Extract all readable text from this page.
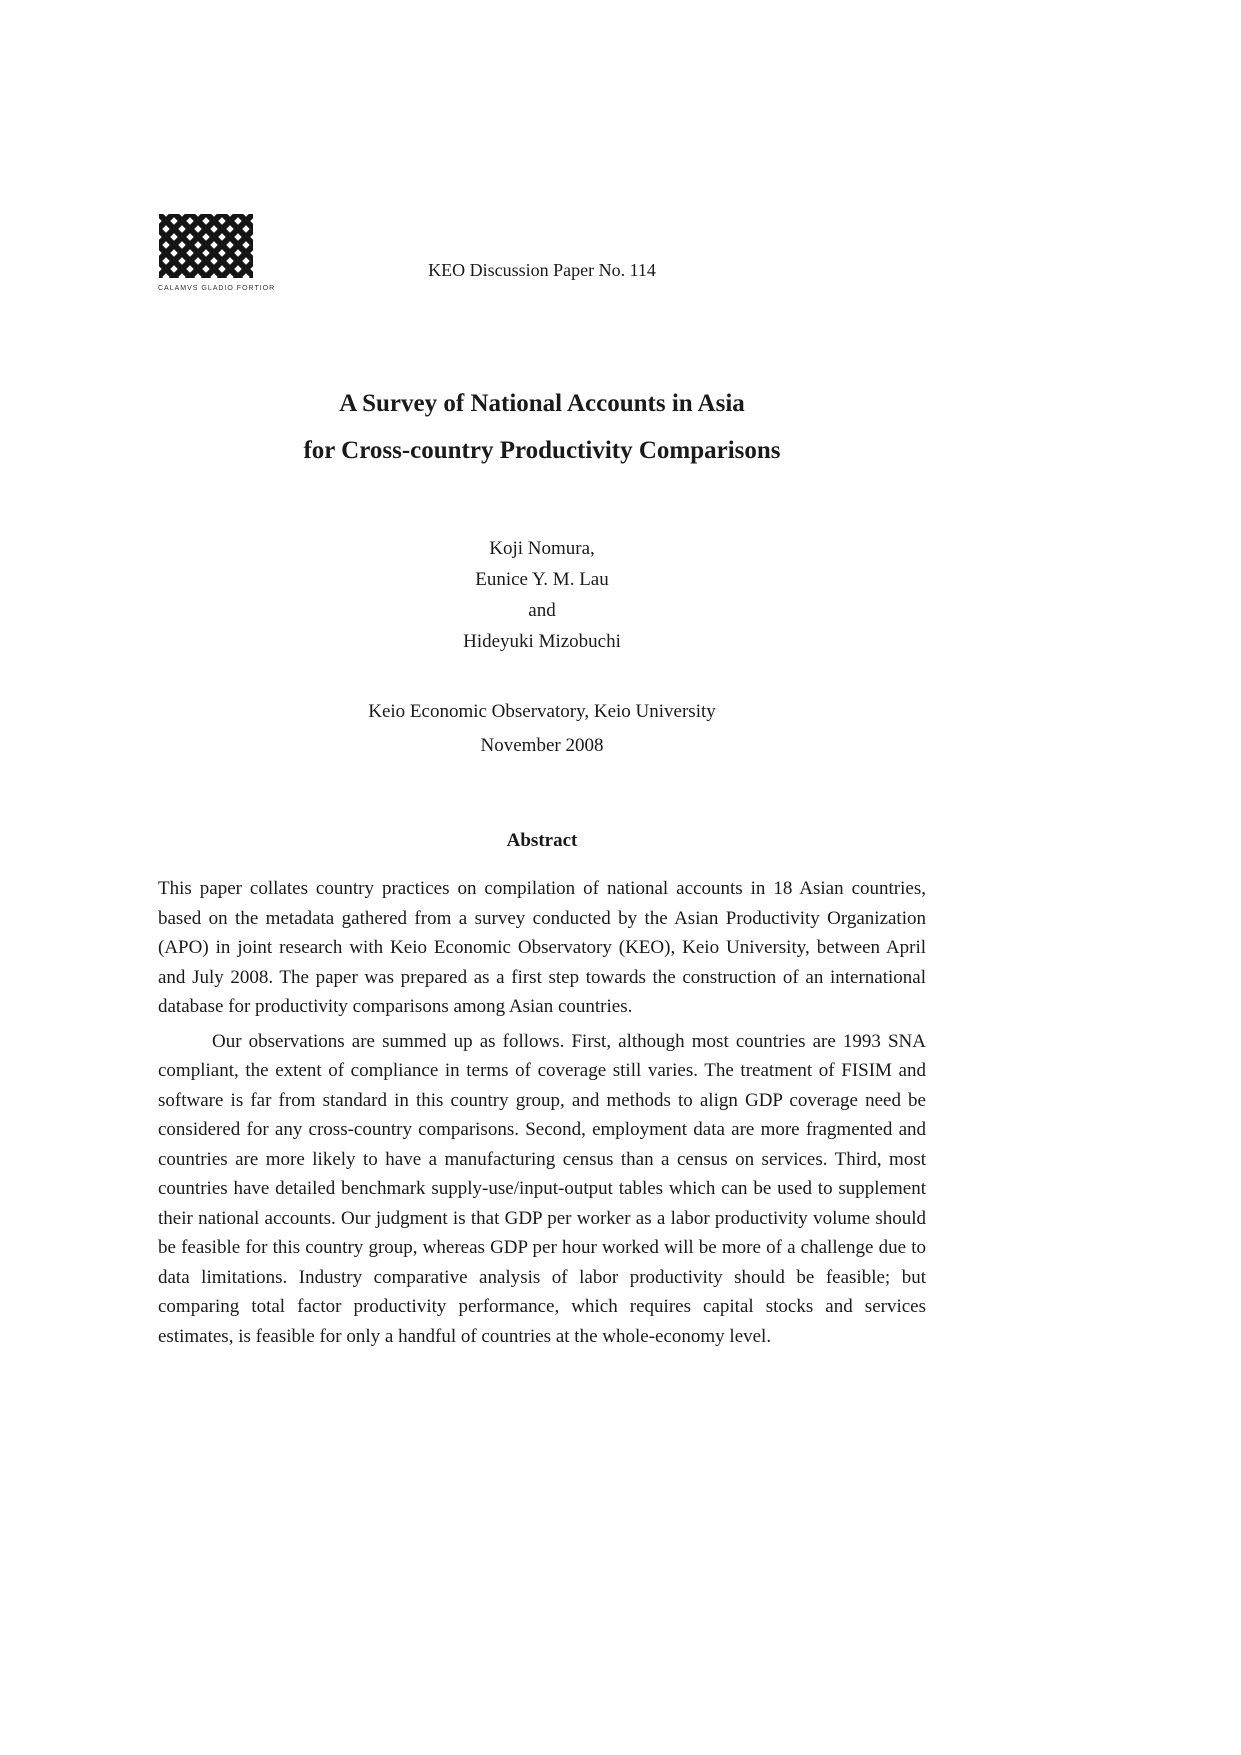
CALAMVS GLADIO FORTIOR
KEO Discussion Paper No. 114
A Survey of National Accounts in Asia
for Cross-country Productivity Comparisons
Koji Nomura,
Eunice Y. M. Lau
and
Hideyuki Mizobuchi
Keio Economic Observatory, Keio University
November 2008
Abstract

This paper collates country practices on compilation of national accounts in 18 Asian countries, based on the metadata gathered from a survey conducted by the Asian Productivity Organization (APO) in joint research with Keio Economic Observatory (KEO), Keio University, between April and July 2008. The paper was prepared as a first step towards the construction of an international database for productivity comparisons among Asian countries.

Our observations are summed up as follows. First, although most countries are 1993 SNA compliant, the extent of compliance in terms of coverage still varies. The treatment of FISIM and software is far from standard in this country group, and methods to align GDP coverage need be considered for any cross-country comparisons. Second, employment data are more fragmented and countries are more likely to have a manufacturing census than a census on services. Third, most countries have detailed benchmark supply-use/input-output tables which can be used to supplement their national accounts. Our judgment is that GDP per worker as a labor productivity volume should be feasible for this country group, whereas GDP per hour worked will be more of a challenge due to data limitations. Industry comparative analysis of labor productivity should be feasible; but comparing total factor productivity performance, which requires capital stocks and services estimates, is feasible for only a handful of countries at the whole-economy level.
